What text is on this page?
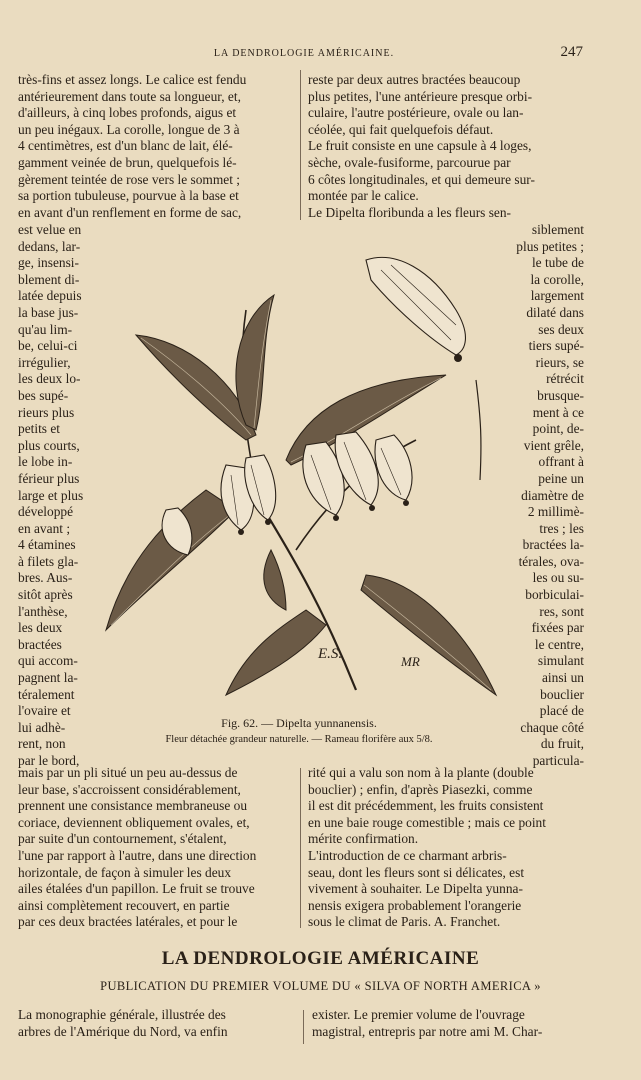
LA DENDROLOGIE AMÉRICAINE.	247

très-fins et assez longs. Le calice est fendu

antérieurement dans toute sa longueur, et,

d'ailleurs, à cinq lobes profonds, aigus et

un peu inégaux. La corolle, longue de 3 à

4 centimètres, est d'un blanc de lait, élé-

gamment veinée de brun, quelquefois lé-

gèrement teintée de rose vers le sommet ;

sa portion tubuleuse, pourvue à la base et

en avant d'un renflement en forme de sac,

reste par deux autres bractées beaucoup

plus petites, l'une antérieure presque orbi-

culaire, l'autre postérieure, ovale ou lan-

céolée, qui fait quelquefois défaut.

Le fruit consiste en une capsule à 4 loges,

sèche, ovale-fusiforme, parcourue par

6 côtes longitudinales, et qui demeure sur-

montée par le calice.

Le Dipelta floribunda a les fleurs sen-

est velue en

dedans, lar-

ge, insensi-

blement di-

latée depuis

la base jus-

qu'au lim-

be, celui-ci

irrégulier,

les deux lo-

bes supé-

rieurs plus

petits et

plus courts,

le lobe in-

férieur plus

large et plus

développé

en avant ;

4 étamines

à filets gla-

bres. Aus-

sitôt après

l'anthèse,

les deux

bractées

qui accom-

pagnent la-

téralement

l'ovaire et

lui adhè-

rent, non

par le bord,

siblement

plus petites ;

le tube de

la corolle,

largement

dilaté dans

ses deux

tiers supé-

rieurs, se

rétrécit

brusque-

ment à ce

point, de-

vient grêle,

offrant à

peine un

diamètre de

2 millimè-

tres ; les

bractées la-

térales, ova-

les ou su-

borbiculai-

res, sont

fixées par

le centre,

simulant

ainsi un

bouclier

placé de

chaque côté

du fruit,

particula-

E.S.	MR
Fig. 62. — Dipelta yunnanensis.
Fleur détachée grandeur naturelle. — Rameau florifère aux 5/8.

mais par un pli situé un peu au-dessus de

leur base, s'accroissent considérablement,

prennent une consistance membraneuse ou

coriace, deviennent obliquement ovales, et,

par suite d'un contournement, s'étalent,

l'une par rapport à l'autre, dans une direction

horizontale, de façon à simuler les deux

ailes étalées d'un papillon. Le fruit se trouve

ainsi complètement recouvert, en partie

par ces deux bractées latérales, et pour le

rité qui a valu son nom à la plante (double

bouclier) ; enfin, d'après Piasezki, comme

il est dit précédemment, les fruits consistent

en une baie rouge comestible ; mais ce point

mérite confirmation.

L'introduction de ce charmant arbris-

seau, dont les fleurs sont si délicates, est

vivement à souhaiter. Le Dipelta yunna-

nensis exigera probablement l'orangerie

sous le climat de Paris. A. Franchet.

LA DENDROLOGIE AMÉRICAINE
PUBLICATION DU PREMIER VOLUME DU « SILVA OF NORTH AMERICA »

La monographie générale, illustrée des

arbres de l'Amérique du Nord, va enfin

exister. Le premier volume de l'ouvrage

magistral, entrepris par notre ami M. Char-
